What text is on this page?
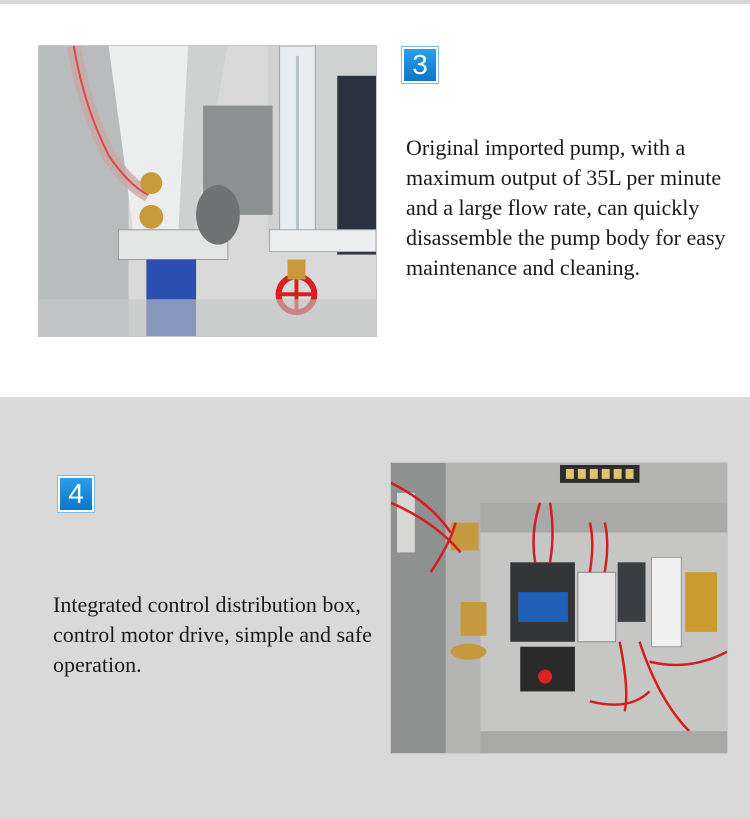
3

Original imported pump, with a maximum output of 35L per minute and a large flow rate, can quickly disassemble the pump body for easy maintenance and cleaning.

4

Integrated control distribution box, control motor drive, simple and safe operation.
